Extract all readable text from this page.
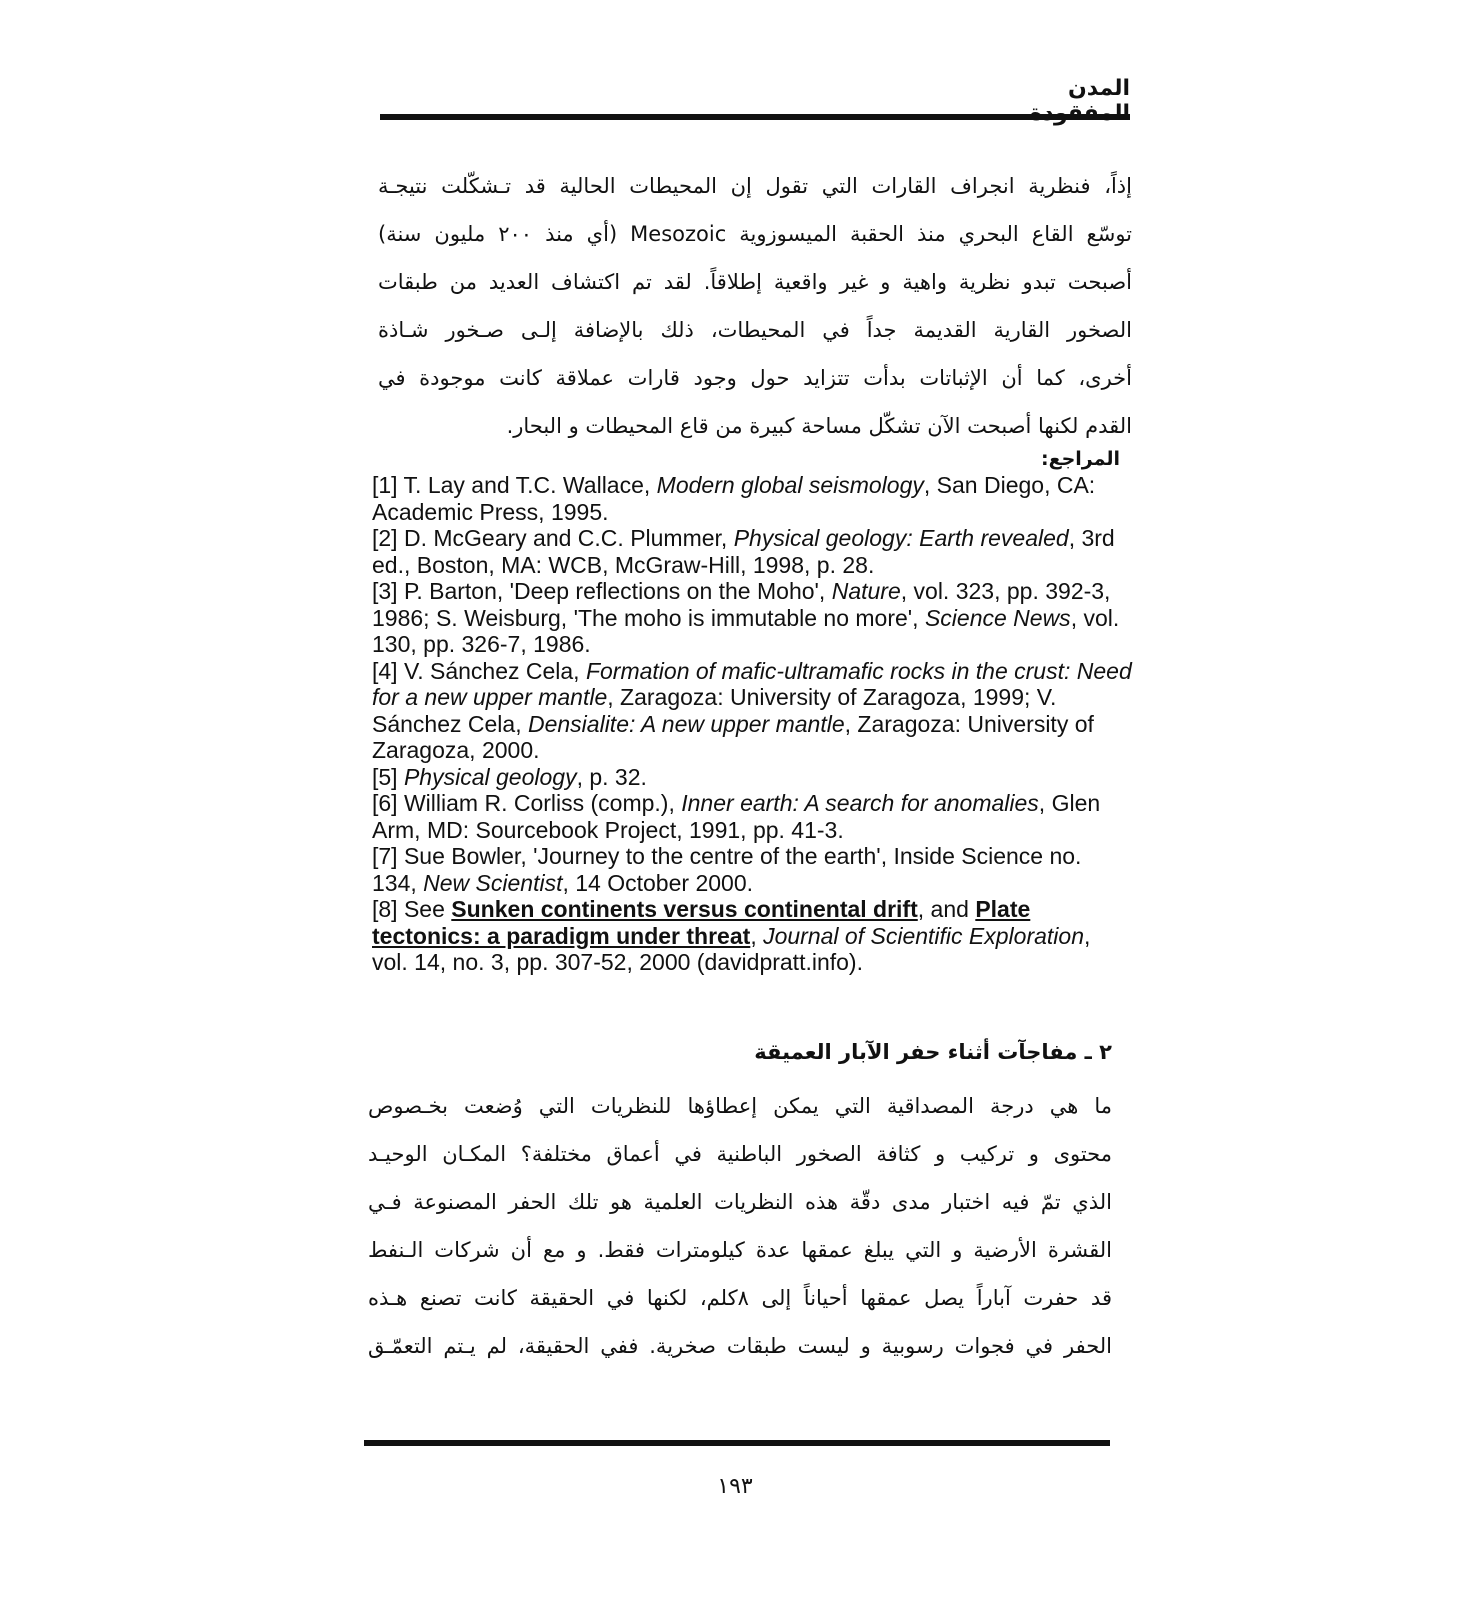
المدن
إذاً، فنظرية انجراف القارات التي تقول إن المحيطات الحالية قد تـشكّلت نتيجـة
توسّع القاع البحري منذ الحقبة الميسوزوية Mesozoic (أي منذ ٢٠٠ مليون سنة)
أصبحت تبدو نظرية واهية و غير واقعية إطلاقاً. لقد تم اكتشاف العديد من طبقات
الصخور القارية القديمة جداً في المحيطات، ذلك بالإضافة إلـى صـخور شـاذة
أخرى، كما أن الإثباتات بدأت تتزايد حول وجود قارات عملاقة كانت موجودة في
القدم لكنها أصبحت الآن تشكّل مساحة كبيرة من قاع المحيطات و البحار.
المراجع:

[1] T. Lay and T.C. Wallace, Modern global seismology, San Diego, CA: Academic Press, 1995.

[2] D. McGeary and C.C. Plummer, Physical geology: Earth revealed, 3rd ed., Boston, MA: WCB, McGraw-Hill, 1998, p. 28.

[3] P. Barton, 'Deep reflections on the Moho', Nature, vol. 323, pp. 392-3, 1986; S. Weisburg, 'The moho is immutable no more', Science News, vol. 130, pp. 326-7, 1986.

[4] V. Sánchez Cela, Formation of mafic-ultramafic rocks in the crust: Need for a new upper mantle, Zaragoza: University of Zaragoza, 1999; V. Sánchez Cela, Densialite: A new upper mantle, Zaragoza: University of Zaragoza, 2000.

[5] Physical geology, p. 32.

[6] William R. Corliss (comp.), Inner earth: A search for anomalies, Glen Arm, MD: Sourcebook Project, 1991, pp. 41-3.

[7] Sue Bowler, 'Journey to the centre of the earth', Inside Science no. 134, New Scientist, 14 October 2000.

[8] See Sunken continents versus continental drift, and Plate tectonics: a paradigm under threat, Journal of Scientific Exploration, vol. 14, no. 3, pp. 307-52, 2000 (davidpratt.info).

٢ ـ مفاجآت أثناء حفر الآبار العميقة
ما هي درجة المصداقية التي يمكن إعطاؤها للنظريات التي وُضعت بخـصوص
محتوى و تركيب و كثافة الصخور الباطنية في أعماق مختلفة؟ المكـان الوحيـد
الذي تمّ فيه اختبار مدى دقّة هذه النظريات العلمية هو تلك الحفر المصنوعة فـي
القشرة الأرضية و التي يبلغ عمقها عدة كيلومترات فقط. و مع أن شركات الـنفط
قد حفرت آباراً يصل عمقها أحياناً إلى ٨كلم، لكنها في الحقيقة كانت تصنع هـذه
الحفر في فجوات رسوبية و ليست طبقات صخرية. ففي الحقيقة، لم يـتم التعمّـق
١٩٣
